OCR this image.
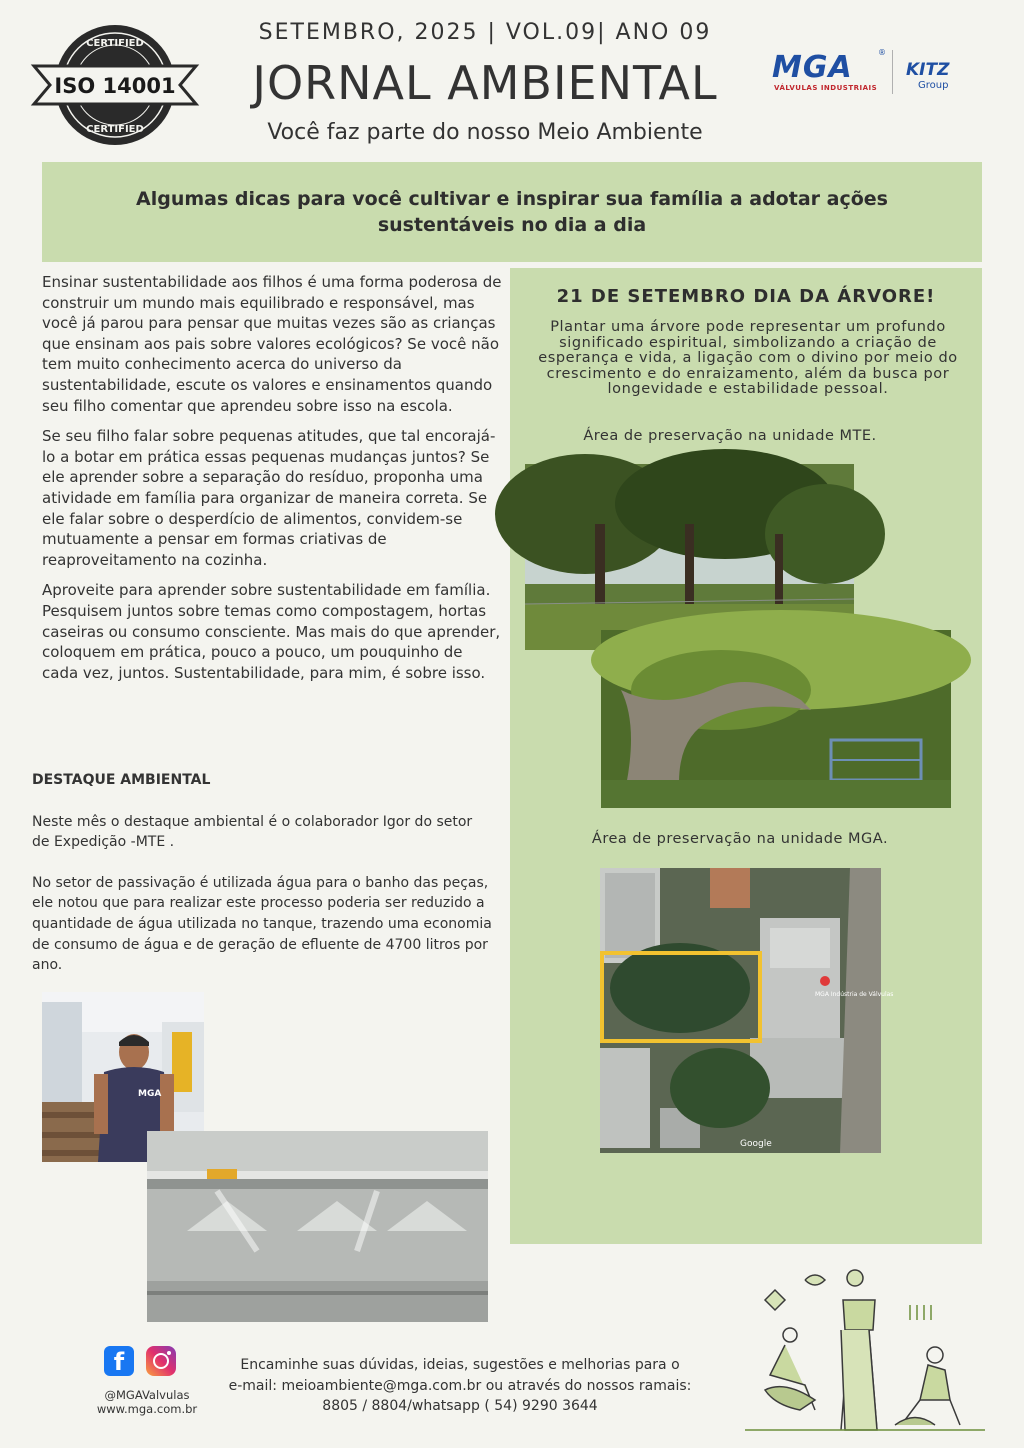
CERTIFIED
CERTIFIED
ISO 14001
SETEMBRO, 2025 | VOL.09| ANO 09
JORNAL AMBIENTAL
Você faz parte do nosso Meio Ambiente
MGA
VÁLVULAS INDUSTRIAIS
®
KITZ
Group
Algumas dicas para você cultivar e inspirar sua família a adotar ações sustentáveis no dia a dia

Ensinar sustentabilidade aos filhos é uma forma poderosa de construir um mundo mais equilibrado e responsável, mas você já parou para pensar que muitas vezes são as crianças que ensinam aos pais sobre valores ecológicos? Se você não tem muito conhecimento acerca do universo da sustentabilidade, escute os valores e ensinamentos quando seu filho comentar que aprendeu sobre isso na escola.

Se seu filho falar sobre pequenas atitudes, que tal encorajá-lo a botar em prática essas pequenas mudanças juntos? Se ele aprender sobre a separação do resíduo, proponha uma atividade em família para organizar de maneira correta. Se ele falar sobre o desperdício de alimentos, convidem-se mutuamente a pensar em formas criativas de reaproveitamento na cozinha.

Aproveite para aprender sobre sustentabilidade em família. Pesquisem juntos sobre temas como compostagem, hortas caseiras ou consumo consciente. Mas mais do que aprender, coloquem em prática, pouco a pouco, um pouquinho de cada vez, juntos. Sustentabilidade, para mim, é sobre isso.

DESTAQUE AMBIENTAL

Neste mês o destaque ambiental é o colaborador Igor do setor de Expedição -MTE .

No setor de passivação é utilizada água para o banho das peças, ele notou que para realizar este processo poderia ser reduzido a quantidade de água utilizada no tanque, trazendo uma economia de consumo de água e de geração de efluente de 4700 litros por ano.

MGA
21 DE SETEMBRO DIA DA ÁRVORE!
Plantar uma árvore pode representar um profundo significado espiritual, simbolizando a criação de esperança e vida, a ligação com o divino por meio do crescimento e do enraizamento, além da busca por longevidade e estabilidade pessoal.
Área de preservação na unidade MTE.
Área de preservação na unidade MGA.
MGA Indústria de Válvulas
Google
f
@MGAValvulas
www.mga.com.br
Encaminhe suas dúvidas, ideias, sugestões e melhorias para o
e-mail: meioambiente@mga.com.br ou através do nossos ramais:
8805 / 8804/whatsapp ( 54) 9290 3644
